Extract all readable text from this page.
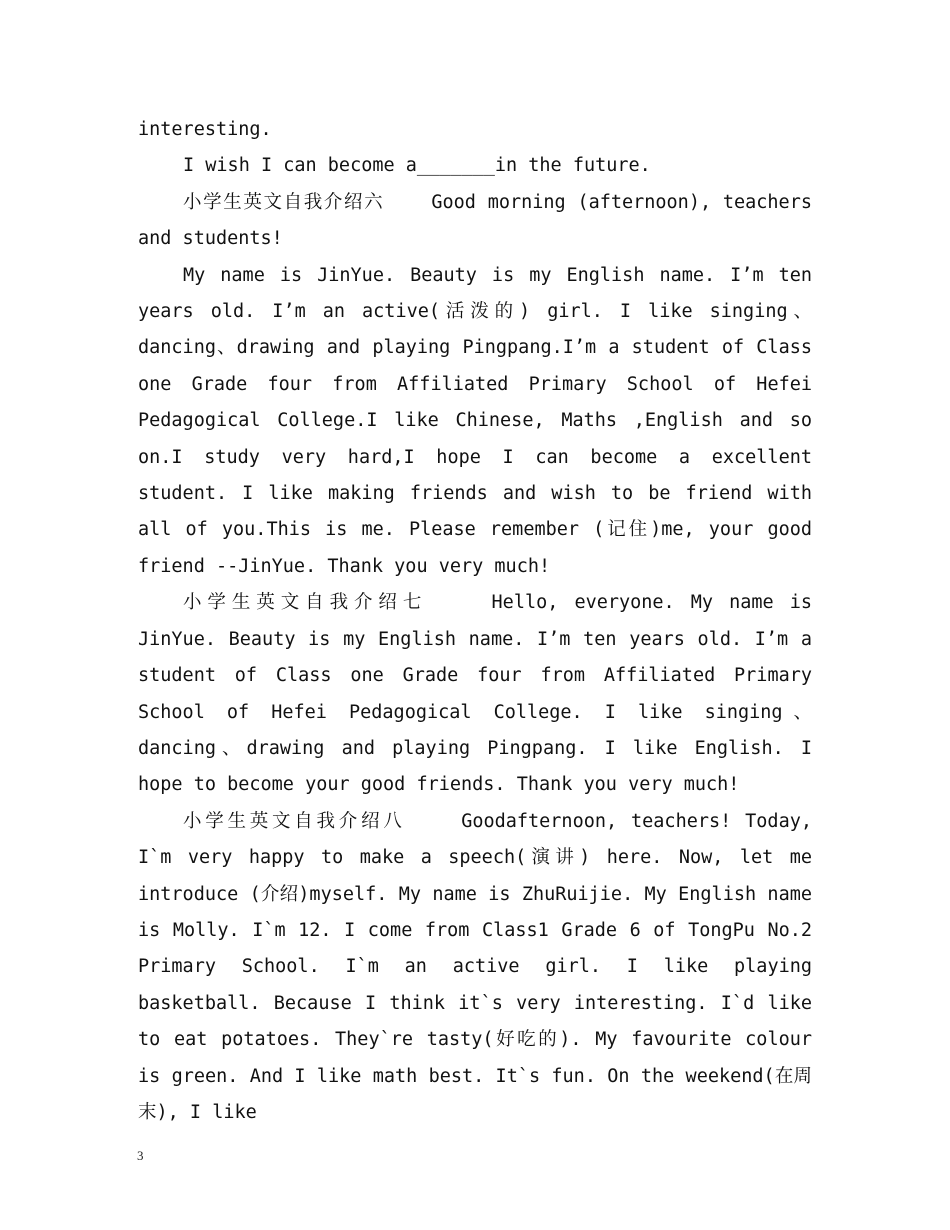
interesting.

I wish I can become a_______in the future.

小学生英文自我介绍六	Good morning (afternoon), teachers and students!

My name is JinYue. Beauty is my English name. I’m ten years old. I’m an active(活泼的) girl. I like singing、dancing、drawing and playing Pingpang.I’m a student of Class one Grade four from Affiliated Primary School of Hefei Pedagogical College.I like Chinese, Maths ,English and so on.I study very hard,I hope I can become a excellent student. I like making friends and wish to be friend with all of you.This is me. Please remember (记住)me, your good friend --JinYue. Thank you very much!

小学生英文自我介绍七	Hello, everyone. My name is JinYue. Beauty is my English name. I’m ten years old. I’m a student of Class one Grade four from Affiliated Primary School of Hefei Pedagogical College. I like singing、dancing、drawing and playing Pingpang. I like English. I hope to become your good friends. Thank you very much!

小学生英文自我介绍八	Goodafternoon, teachers! Today, I`m very happy to make a speech(演讲) here. Now, let me introduce (介绍)myself. My name is ZhuRuijie. My English name is Molly. I`m 12. I come from Class1 Grade 6 of TongPu No.2 Primary School. I`m an active girl. I like playing basketball. Because I think it`s very interesting. I`d like to eat potatoes. They`re tasty(好吃的). My favourite colour is green. And I like math best. It`s fun. On the weekend(在周末), I like

3
